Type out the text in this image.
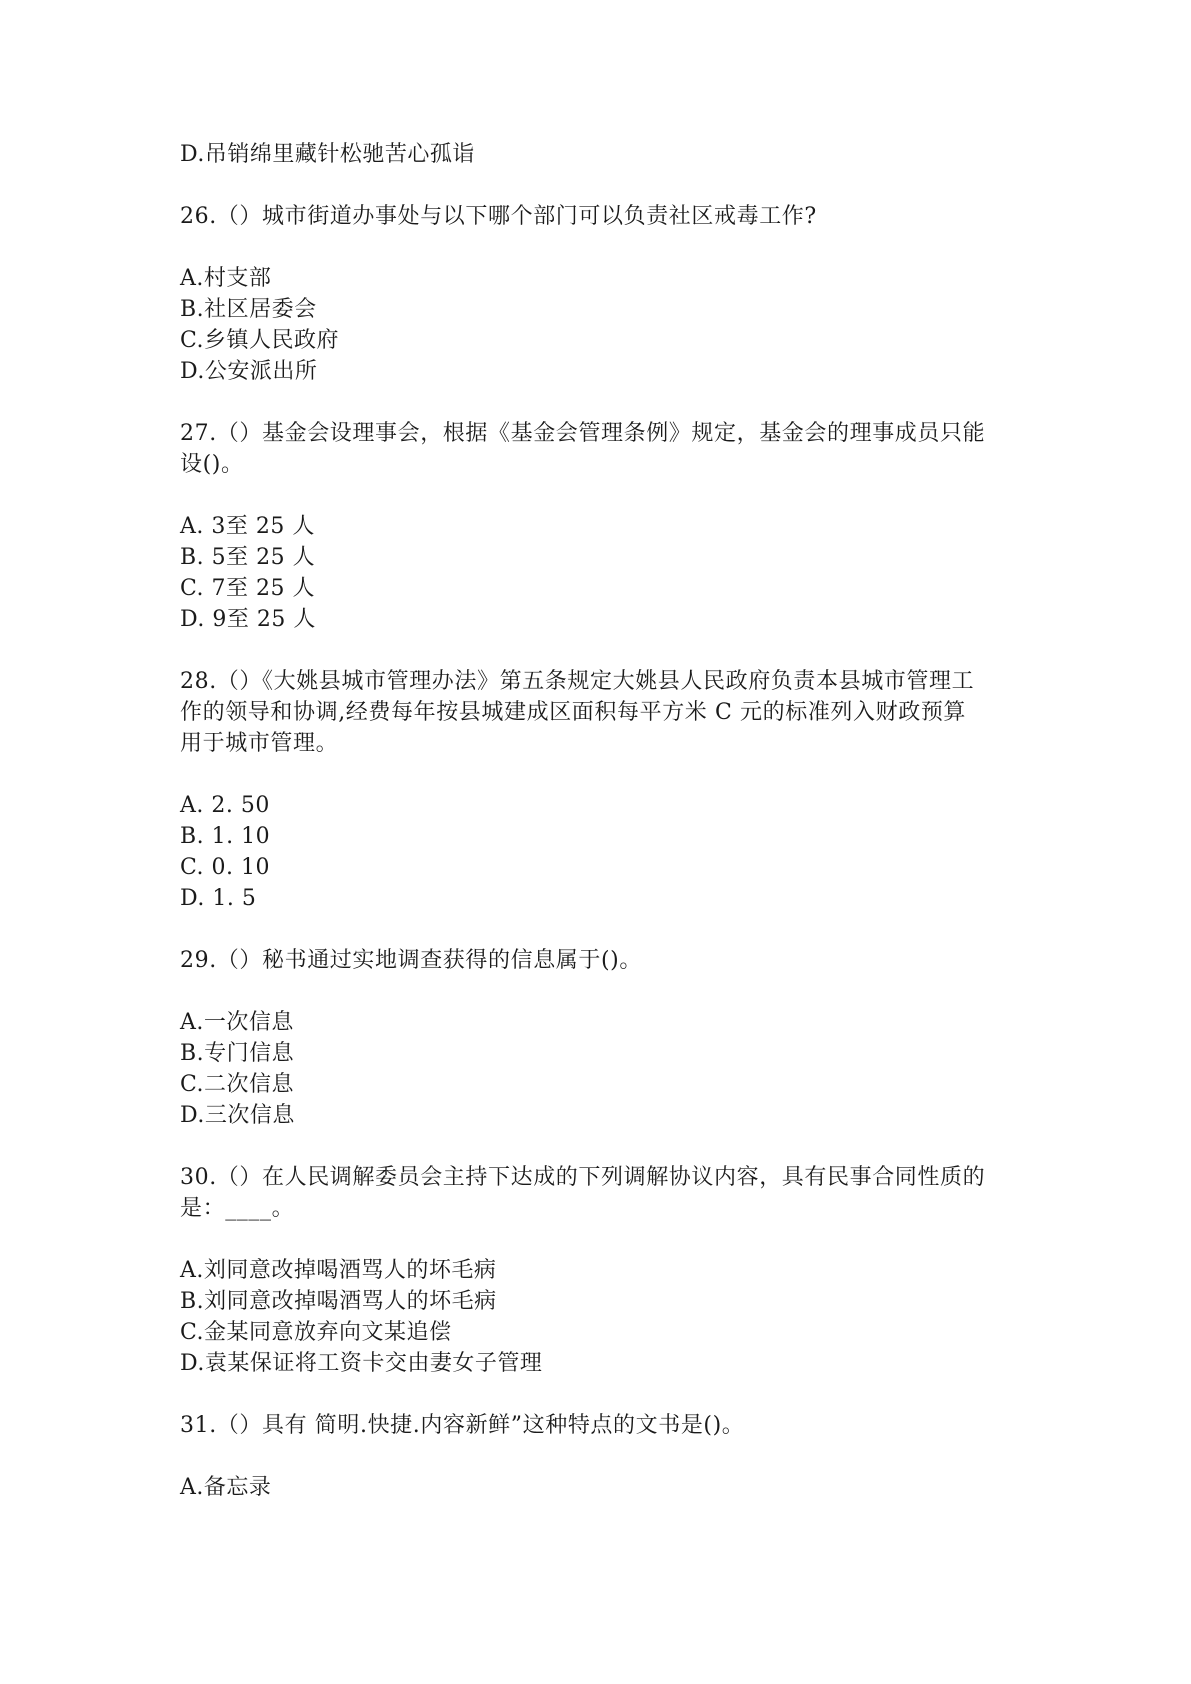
D.吊销绵里藏针松驰苦心孤诣
26.（）城市街道办事处与以下哪个部门可以负责社区戒毒工作?
A.村支部
B.社区居委会
C.乡镇人民政府
D.公安派出所
27.（）基金会设理事会，根据《基金会管理条例》规定，基金会的理事成员只能
设()。
A. 3至 25 人
B. 5至 25 人
C. 7至 25 人
D. 9至 25 人
28.（）《大姚县城市管理办法》第五条规定大姚县人民政府负责本县城市管理工
作的领导和协调,经费每年按县城建成区面积每平方米 C 元的标准列入财政预算
用于城市管理。
A. 2. 50
B. 1. 10
C. 0. 10
D. 1. 5
29.（）秘书通过实地调查获得的信息属于()。
A.一次信息
B.专门信息
C.二次信息
D.三次信息
30.（）在人民调解委员会主持下达成的下列调解协议内容，具有民事合同性质的
是：____。
A.刘同意改掉喝酒骂人的坏毛病
B.刘同意改掉喝酒骂人的坏毛病
C.金某同意放弃向文某追偿
D.袁某保证将工资卡交由妻女子管理
31.（）具有 简明.快捷.内容新鲜”这种特点的文书是()。
A.备忘录
